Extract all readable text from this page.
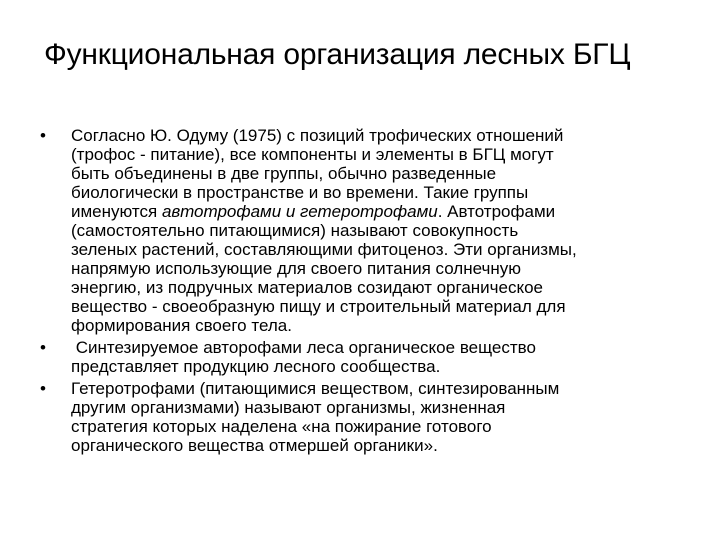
Функциональная организация лесных БГЦ
•	Согласно Ю. Одуму (1975) с позиций трофических отношений
(трофос - питание), все компоненты и элементы в БГЦ могут
быть объединены в две группы, обычно разведенные
биологически в пространстве и во времени. Такие группы
именуются автотрофами и гетеротрофами. Автотрофами
(самостоятельно питающимися) называют совокупность
зеленых растений, составляющими фитоценоз. Эти организмы,
напрямую использующие для своего питания солнечную
энергию, из подручных материалов созидают органическое
вещество - своеобразную пищу и строительный материал для
формирования своего тела.
•	Синтезируемое авторофами леса органическое вещество
представляет продукцию лесного сообщества.
•	Гетеротрофами (питающимися веществом, синтезированным
другим организмами) называют организмы, жизненная
стратегия которых наделена «на пожирание готового
органического вещества отмершей органики».
